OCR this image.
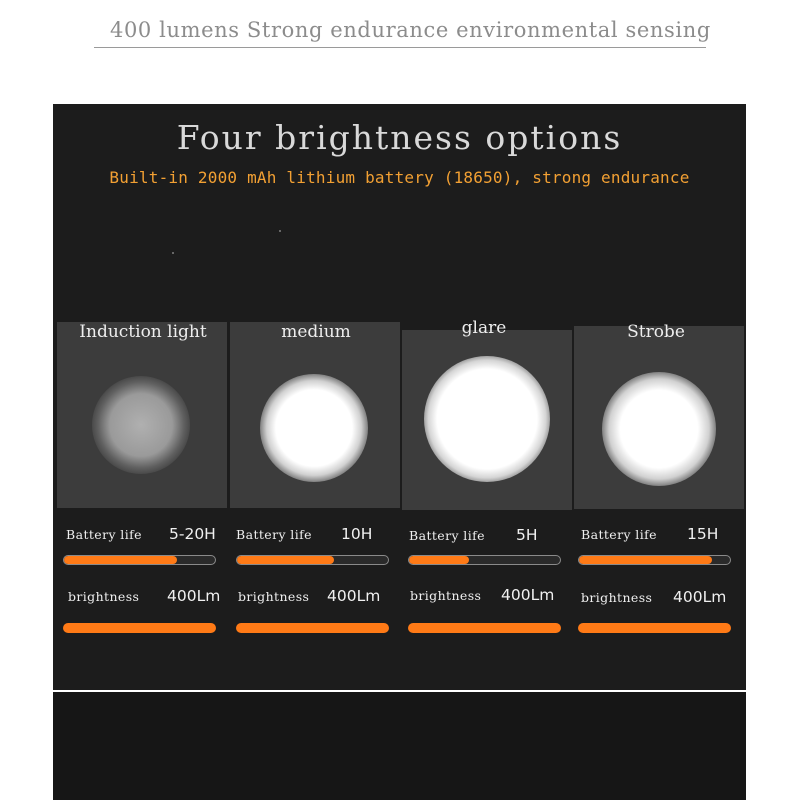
400 lumens Strong endurance environmental sensing
Four brightness options
Built-in 2000 mAh lithium battery (18650), strong endurance
Induction light
Battery life 5-20H
brightness 400Lm
medium
Battery life 10H
brightness 400Lm
glare
Battery life 5H
brightness 400Lm
Strobe
Battery life 15H
brightness 400Lm
